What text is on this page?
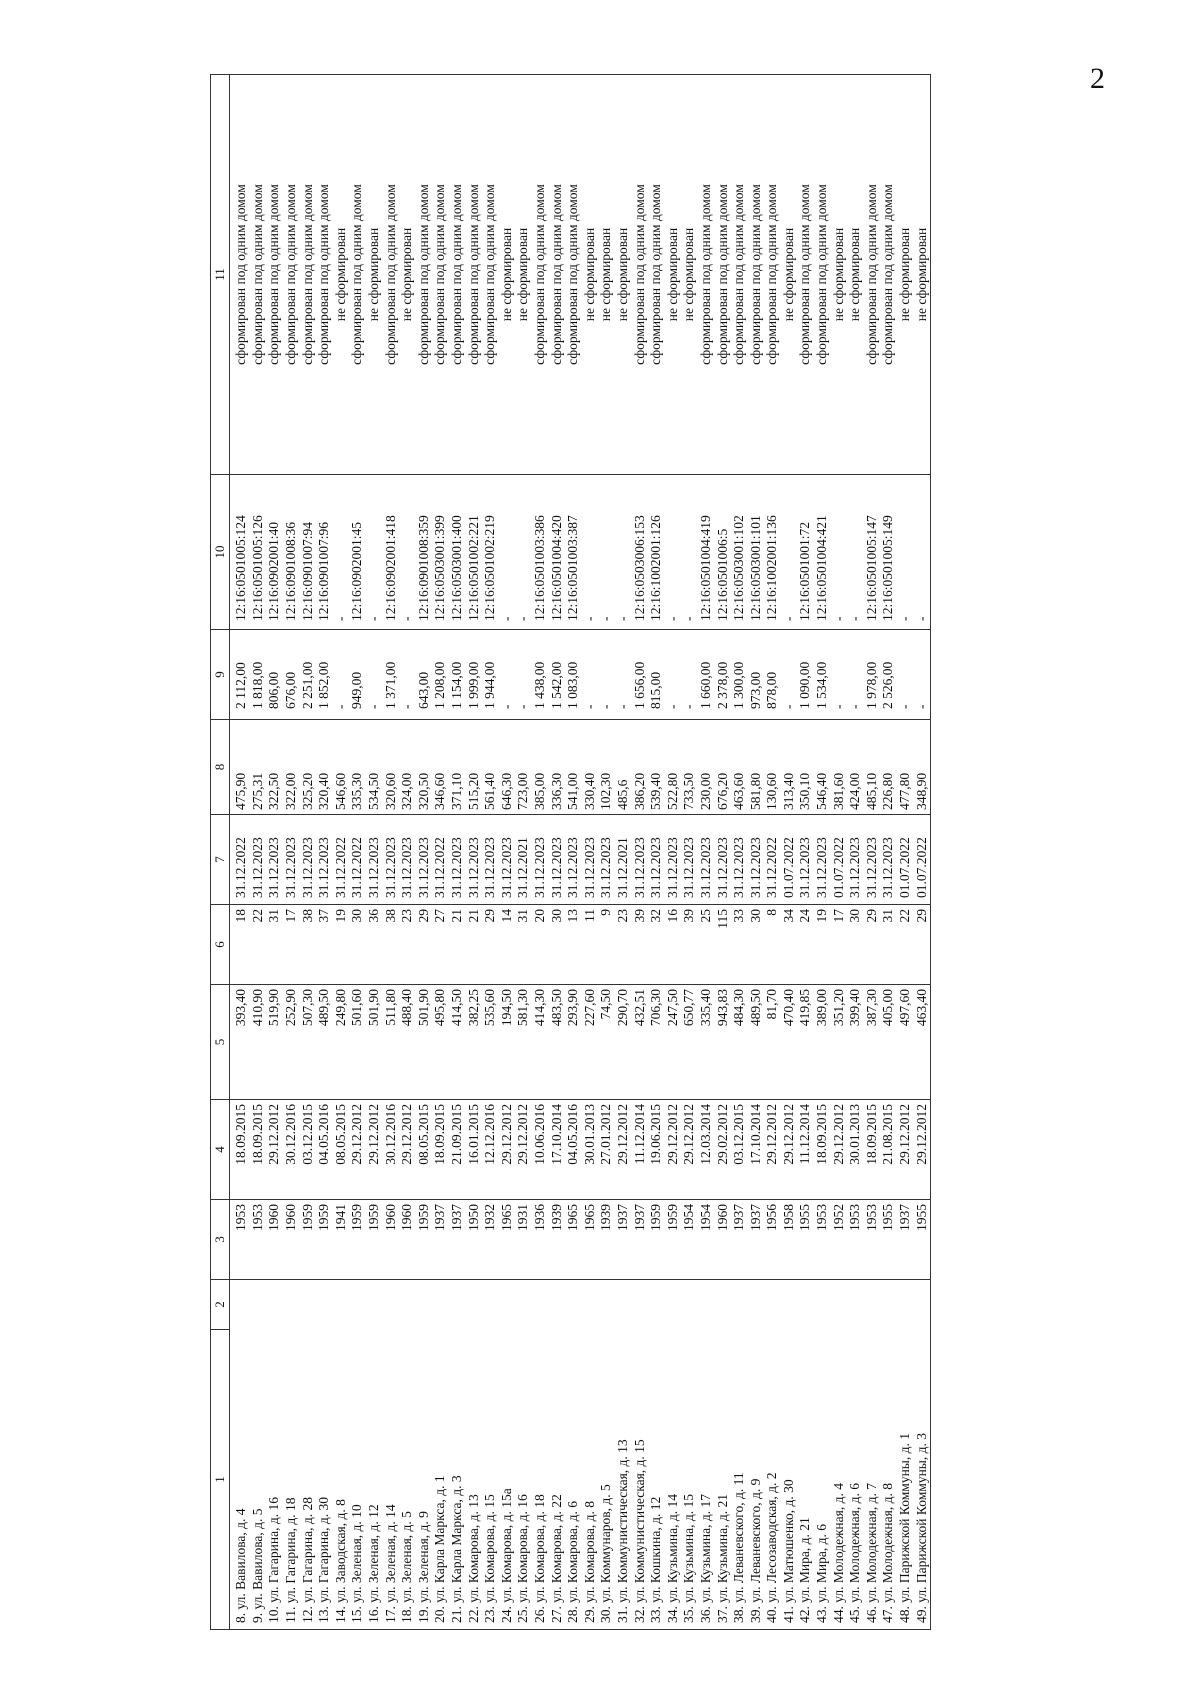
2
1	2	3	4	5	6	7	8	9	10	11
8. ул. Вавилова, д. 4		1953	18.09.2015	393,40	18	31.12.2022	475,90	2 112,00	12:16:0501005:124	сформирован под одним домом
9. ул. Вавилова, д. 5		1953	18.09.2015	410,90	22	31.12.2023	275,31	1 818,00	12:16:0501005:126	сформирован под одним домом
10. ул. Гагарина, д. 16		1960	29.12.2012	519,90	31	31.12.2023	322,50	806,00	12:16:0902001:40	сформирован под одним домом
11. ул. Гагарина, д. 18		1960	30.12.2016	252,90	17	31.12.2023	322,00	676,00	12:16:0901008:36	сформирован под одним домом
12. ул. Гагарина, д. 28		1959	03.12.2015	507,30	38	31.12.2023	325,20	2 251,00	12:16:0901007:94	сформирован под одним домом
13. ул. Гагарина, д. 30		1959	04.05.2016	489,50	37	31.12.2023	320,40	1 852,00	12:16:0901007:96	сформирован под одним домом
14. ул. Заводская, д. 8		1941	08.05.2015	249,80	19	31.12.2022	546,60	-	-	не сформирован
15. ул. Зеленая, д. 10		1959	29.12.2012	501,60	30	31.12.2022	335,30	949,00	12:16:0902001:45	сформирован под одним домом
16. ул. Зеленая, д. 12		1959	29.12.2012	501,90	36	31.12.2023	534,50	-	-	не сформирован
17. ул. Зеленая, д. 14		1960	30.12.2016	511,80	38	31.12.2023	320,60	1 371,00	12:16:0902001:418	сформирован под одним домом
18. ул. Зеленая, д. 5		1960	29.12.2012	488,40	23	31.12.2023	324,00	-	-	не сформирован
19. ул. Зеленая, д. 9		1959	08.05.2015	501,90	29	31.12.2023	320,50	643,00	12:16:0901008:359	сформирован под одним домом
20. ул. Карла Маркса, д. 1		1937	18.09.2015	495,80	27	31.12.2022	346,60	1 208,00	12:16:0503001:399	сформирован под одним домом
21. ул. Карла Маркса, д. 3		1937	21.09.2015	414,50	21	31.12.2023	371,10	1 154,00	12:16:0503001:400	сформирован под одним домом
22. ул. Комарова, д. 13		1950	16.01.2015	382,25	21	31.12.2023	515,20	1 999,00	12:16:0501002:221	сформирован под одним домом
23. ул. Комарова, д. 15		1932	12.12.2016	535,60	29	31.12.2023	561,40	1 944,00	12:16:0501002:219	сформирован под одним домом
24. ул. Комарова, д. 15а		1965	29.12.2012	194,50	14	31.12.2023	646,30	-	-	не сформирован
25. ул. Комарова, д. 16		1931	29.12.2012	581,30	31	31.12.2021	723,00	-	-	не сформирован
26. ул. Комарова, д. 18		1936	10.06.2016	414,30	20	31.12.2023	385,00	1 438,00	12:16:0501003:386	сформирован под одним домом
27. ул. Комарова, д. 22		1939	17.10.2014	483,50	30	31.12.2023	336,30	1 542,00	12:16:0501004:420	сформирован под одним домом
28. ул. Комарова, д. 6		1965	04.05.2016	293,90	13	31.12.2023	541,00	1 083,00	12:16:0501003:387	сформирован под одним домом
29. ул. Комарова, д. 8		1965	30.01.2013	227,60	11	31.12.2023	330,40	-	-	не сформирован
30. ул. Коммунаров, д. 5		1939	27.01.2012	74,50	9	31.12.2023	102,30	-	-	не сформирован
31. ул. Коммунистическая, д. 13		1937	29.12.2012	290,70	23	31.12.2021	485,6	-	-	не сформирован
32. ул. Коммунистическая, д. 15		1937	11.12.2014	432,51	39	31.12.2023	386,20	1 656,00	12:16:0503006:153	сформирован под одним домом
33. ул. Кошкина, д. 12		1959	19.06.2015	706,30	32	31.12.2023	539,40	815,00	12:16:1002001:126	сформирован под одним домом
34. ул. Кузьмина, д. 14		1959	29.12.2012	247,50	16	31.12.2023	522,80	-	-	не сформирован
35. ул. Кузьмина, д. 15		1954	29.12.2012	650,77	39	31.12.2023	733,50	-	-	не сформирован
36. ул. Кузьмина, д. 17		1954	12.03.2014	335,40	25	31.12.2023	230,00	1 660,00	12:16:0501004:419	сформирован под одним домом
37. ул. Кузьмина, д. 21		1960	29.02.2012	943,83	115	31.12.2023	676,20	2 378,00	12:16:0501006:5	сформирован под одним домом
38. ул. Леваневского, д. 11		1937	03.12.2015	484,30	33	31.12.2023	463,60	1 300,00	12:16:0503001:102	сформирован под одним домом
39. ул. Леваневского, д. 9		1937	17.10.2014	489,50	30	31.12.2023	581,80	973,00	12:16:0503001:101	сформирован под одним домом
40. ул. Лесозаводская, д. 2		1956	29.12.2012	81,70	8	31.12.2022	130,60	878,00	12:16:1002001:136	сформирован под одним домом
41. ул. Матюшенко, д. 30		1958	29.12.2012	470,40	34	01.07.2022	313,40	-	-	не сформирован
42. ул. Мира, д. 21		1955	11.12.2014	419,85	24	31.12.2023	350,10	1 090,00	12:16:0501001:72	сформирован под одним домом
43. ул. Мира, д. 6		1953	18.09.2015	389,00	19	31.12.2023	546,40	1 534,00	12:16:0501004:421	сформирован под одним домом
44. ул. Молодежная, д. 4		1952	29.12.2012	351,20	17	01.07.2022	381,60	-	-	не сформирован
45. ул. Молодежная, д. 6		1953	30.01.2013	399,40	30	31.12.2023	424,00	-	-	не сформирован
46. ул. Молодежная, д. 7		1953	18.09.2015	387,30	29	31.12.2023	485,10	1 978,00	12:16:0501005:147	сформирован под одним домом
47. ул. Молодежная, д. 8		1955	21.08.2015	405,00	31	31.12.2023	226,80	2 526,00	12:16:0501005:149	сформирован под одним домом
48. ул. Парижской Коммуны, д. 1		1937	29.12.2012	497,60	22	01.07.2022	477,80	-	-	не сформирован
49. ул. Парижской Коммуны, д. 3		1955	29.12.2012	463,40	29	01.07.2022	348,90	-	-	не сформирован
